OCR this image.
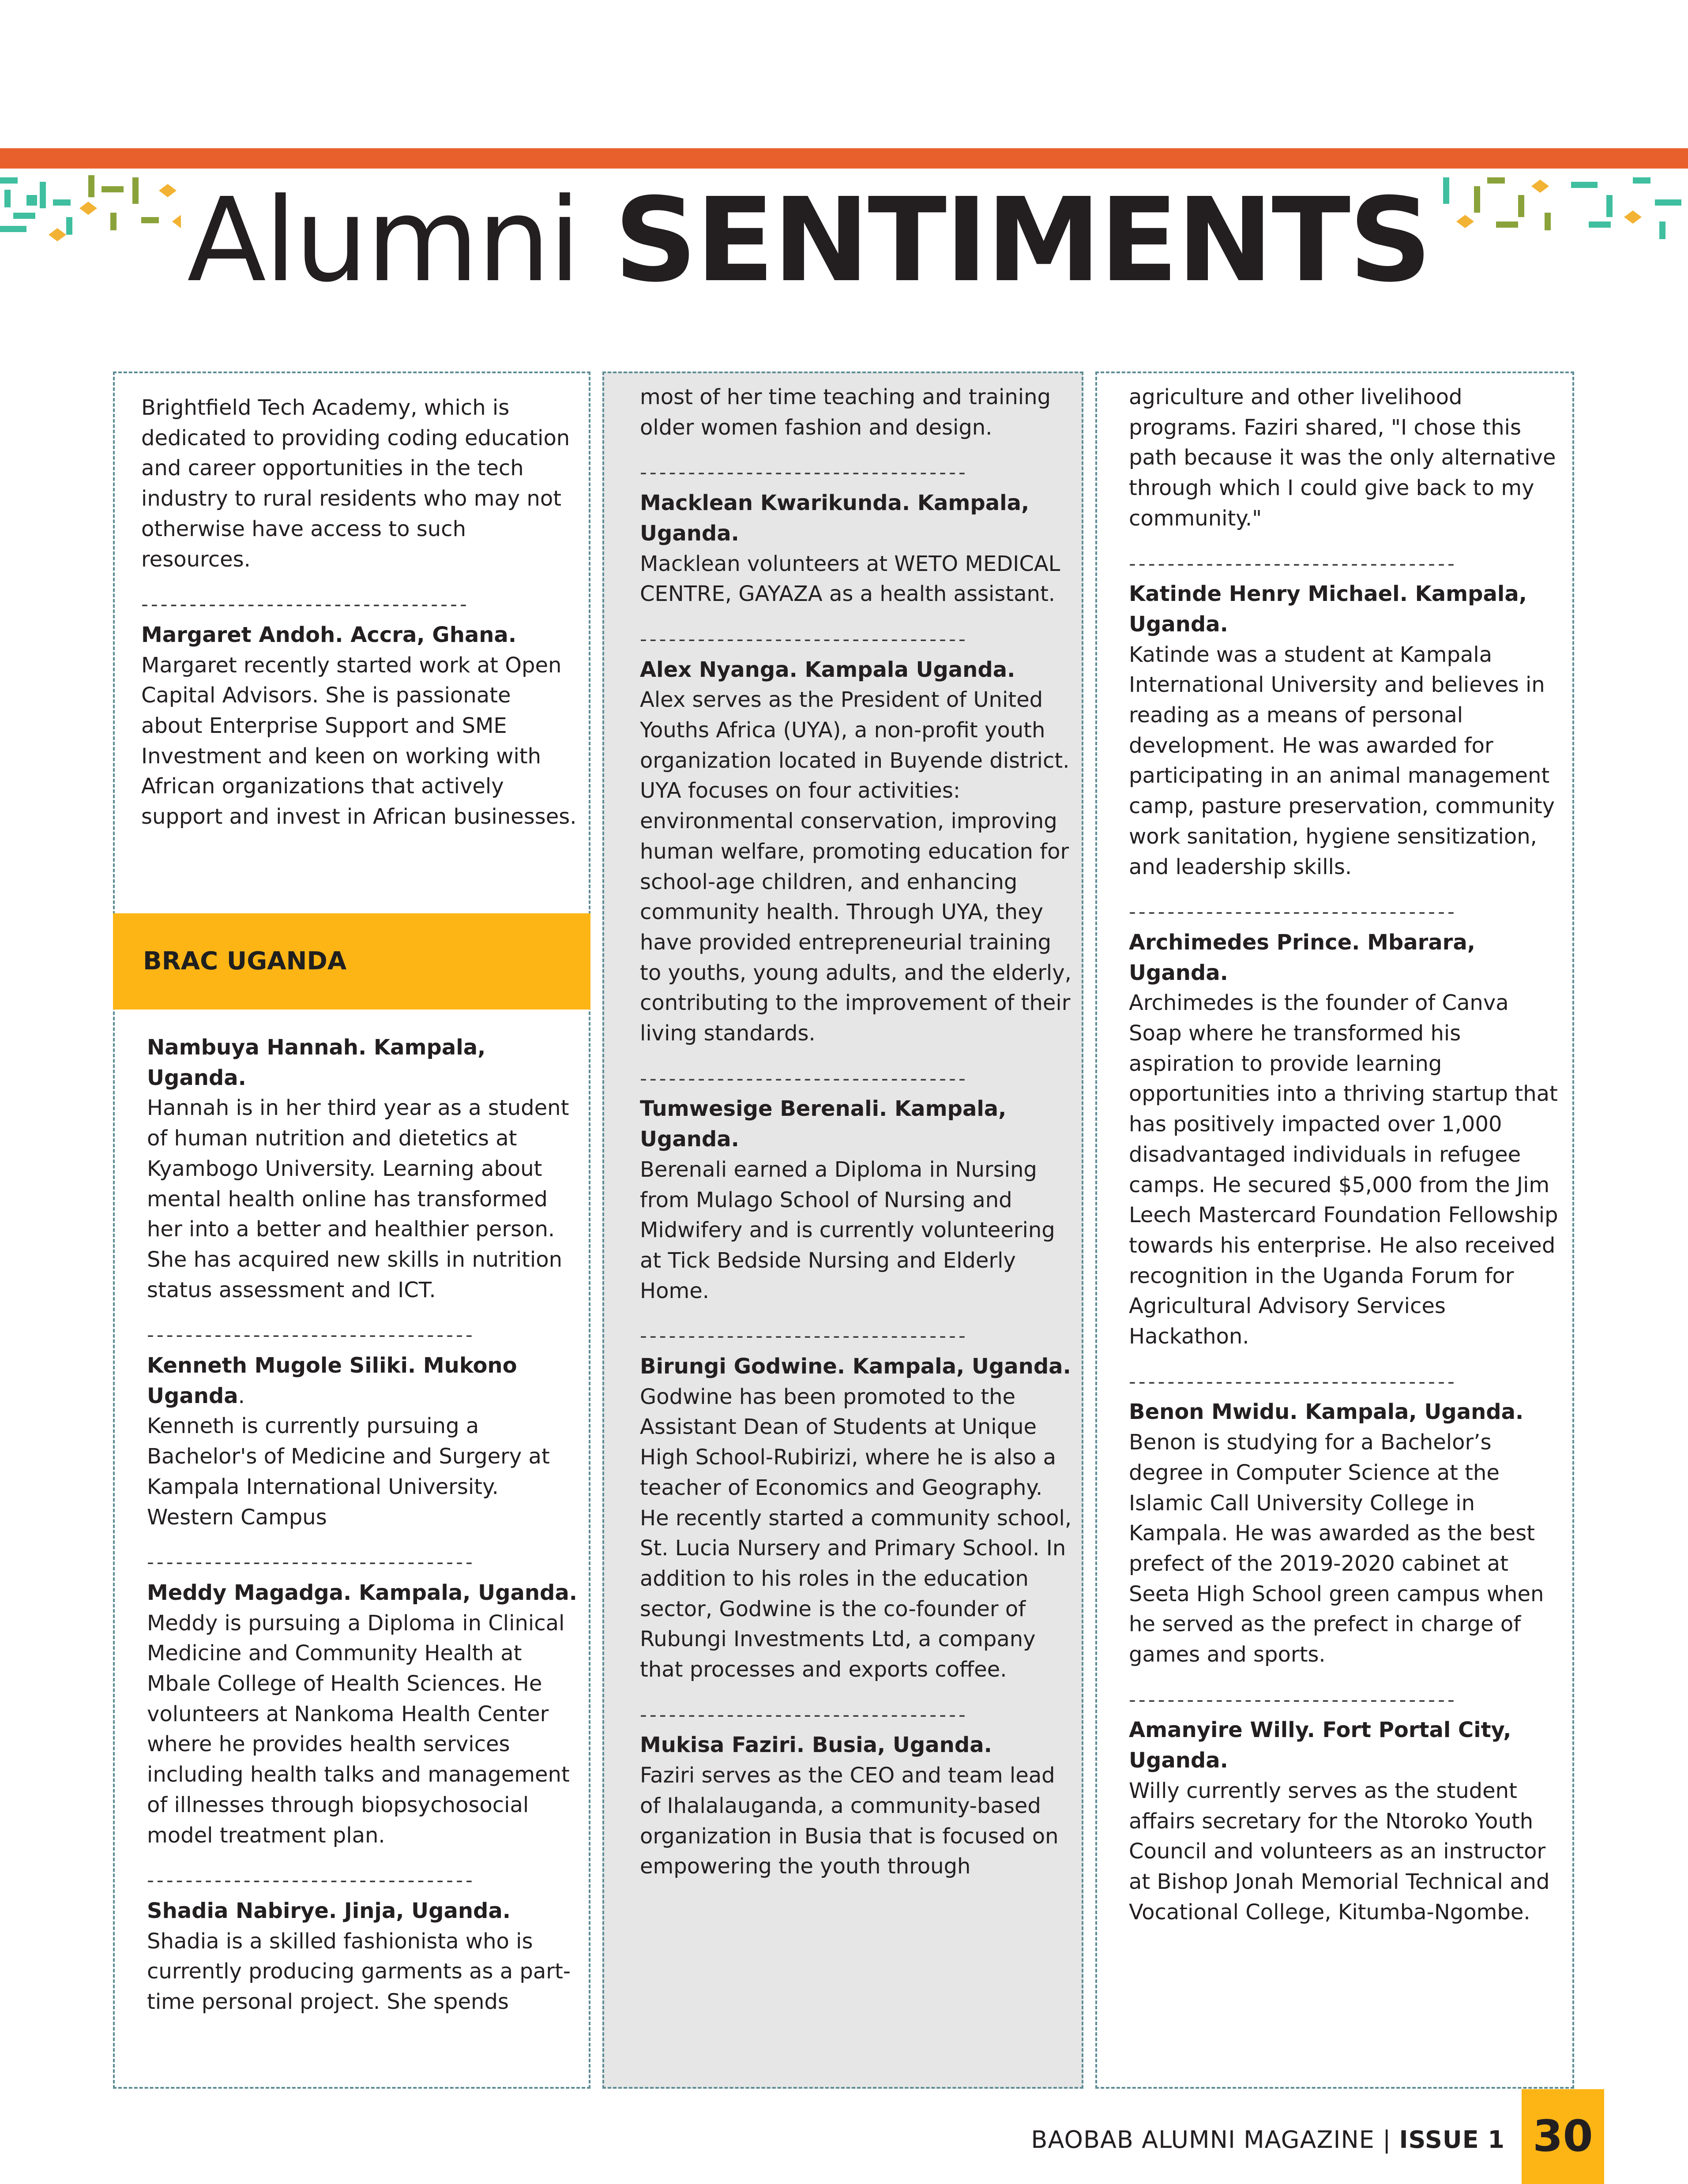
Alumni SENTIMENTS

Brightfield Tech Academy, which is dedicated to providing coding education and career opportunities in the tech industry to rural residents who may not otherwise have access to such resources.

----------------------------------

Margaret Andoh. Accra, Ghana.

Margaret recently started work at Open Capital Advisors. She is passionate about Enterprise Support and SME Investment and keen on working with African organizations that actively support and invest in African businesses.

BRAC UGANDA

Nambuya Hannah. Kampala, Uganda.

Hannah is in her third year as a student of human nutrition and dietetics at Kyambogo University. Learning about mental health online has transformed her into a better and healthier person. She has acquired new skills in nutrition status assessment and ICT.

----------------------------------

Kenneth Mugole Siliki. Mukono Uganda.

Kenneth is currently pursuing a Bachelor's of Medicine and Surgery at Kampala International University. Western Campus

----------------------------------

Meddy Magadga. Kampala, Uganda.

Meddy is pursuing a Diploma in Clinical Medicine and Community Health at Mbale College of Health Sciences. He volunteers at Nankoma Health Center where he provides health services including health talks and management of illnesses through biopsychosocial model treatment plan.

----------------------------------

Shadia Nabirye. Jinja, Uganda.

Shadia is a skilled fashionista who is currently producing garments as a part-time personal project. She spends

most of her time teaching and training older women fashion and design.

----------------------------------

Macklean Kwarikunda. Kampala, Uganda.

Macklean volunteers at WETO MEDICAL CENTRE, GAYAZA as a health assistant.

----------------------------------

Alex Nyanga. Kampala Uganda.

Alex serves as the President of United Youths Africa (UYA), a non-profit youth organization located in Buyende district. UYA focuses on four activities: environmental conservation, improving human welfare, promoting education for school-age children, and enhancing community health. Through UYA, they have provided entrepreneurial training to youths, young adults, and the elderly, contributing to the improvement of their living standards.

----------------------------------

Tumwesige Berenali. Kampala, Uganda.

Berenali earned a Diploma in Nursing from Mulago School of Nursing and Midwifery and is currently volunteering at Tick Bedside Nursing and Elderly Home.

----------------------------------

Birungi Godwine. Kampala, Uganda.

Godwine has been promoted to the Assistant Dean of Students at Unique High School-Rubirizi, where he is also a teacher of Economics and Geography. He recently started a community school, St. Lucia Nursery and Primary School. In addition to his roles in the education sector, Godwine is the co-founder of Rubungi Investments Ltd, a company that processes and exports coffee.

----------------------------------

Mukisa Faziri. Busia, Uganda.

Faziri serves as the CEO and team lead of Ihalalauganda, a community-based organization in Busia that is focused on empowering the youth through

agriculture and other livelihood programs. Faziri shared, "I chose this path because it was the only alternative through which I could give back to my community."

----------------------------------

Katinde Henry Michael. Kampala, Uganda.

Katinde was a student at Kampala International University and believes in reading as a means of personal development. He was awarded for participating in an animal management camp, pasture preservation, community work sanitation, hygiene sensitization, and leadership skills.

----------------------------------

Archimedes Prince. Mbarara, Uganda.

Archimedes is the founder of Canva Soap where he transformed his aspiration to provide learning opportunities into a thriving startup that has positively impacted over 1,000 disadvantaged individuals in refugee camps. He secured $5,000 from the Jim Leech Mastercard Foundation Fellowship towards his enterprise. He also received recognition in the Uganda Forum for Agricultural Advisory Services Hackathon.

----------------------------------

Benon Mwidu. Kampala, Uganda.

Benon is studying for a Bachelor’s degree in Computer Science at the Islamic Call University College in Kampala. He was awarded as the best prefect of the 2019-2020 cabinet at Seeta High School green campus when he served as the prefect in charge of games and sports.

----------------------------------

Amanyire Willy. Fort Portal City, Uganda.

Willy currently serves as the student affairs secretary for the Ntoroko Youth Council and volunteers as an instructor at Bishop Jonah Memorial Technical and Vocational College, Kitumba-Ngombe.

BAOBAB ALUMNI MAGAZINE | ISSUE 1 30
